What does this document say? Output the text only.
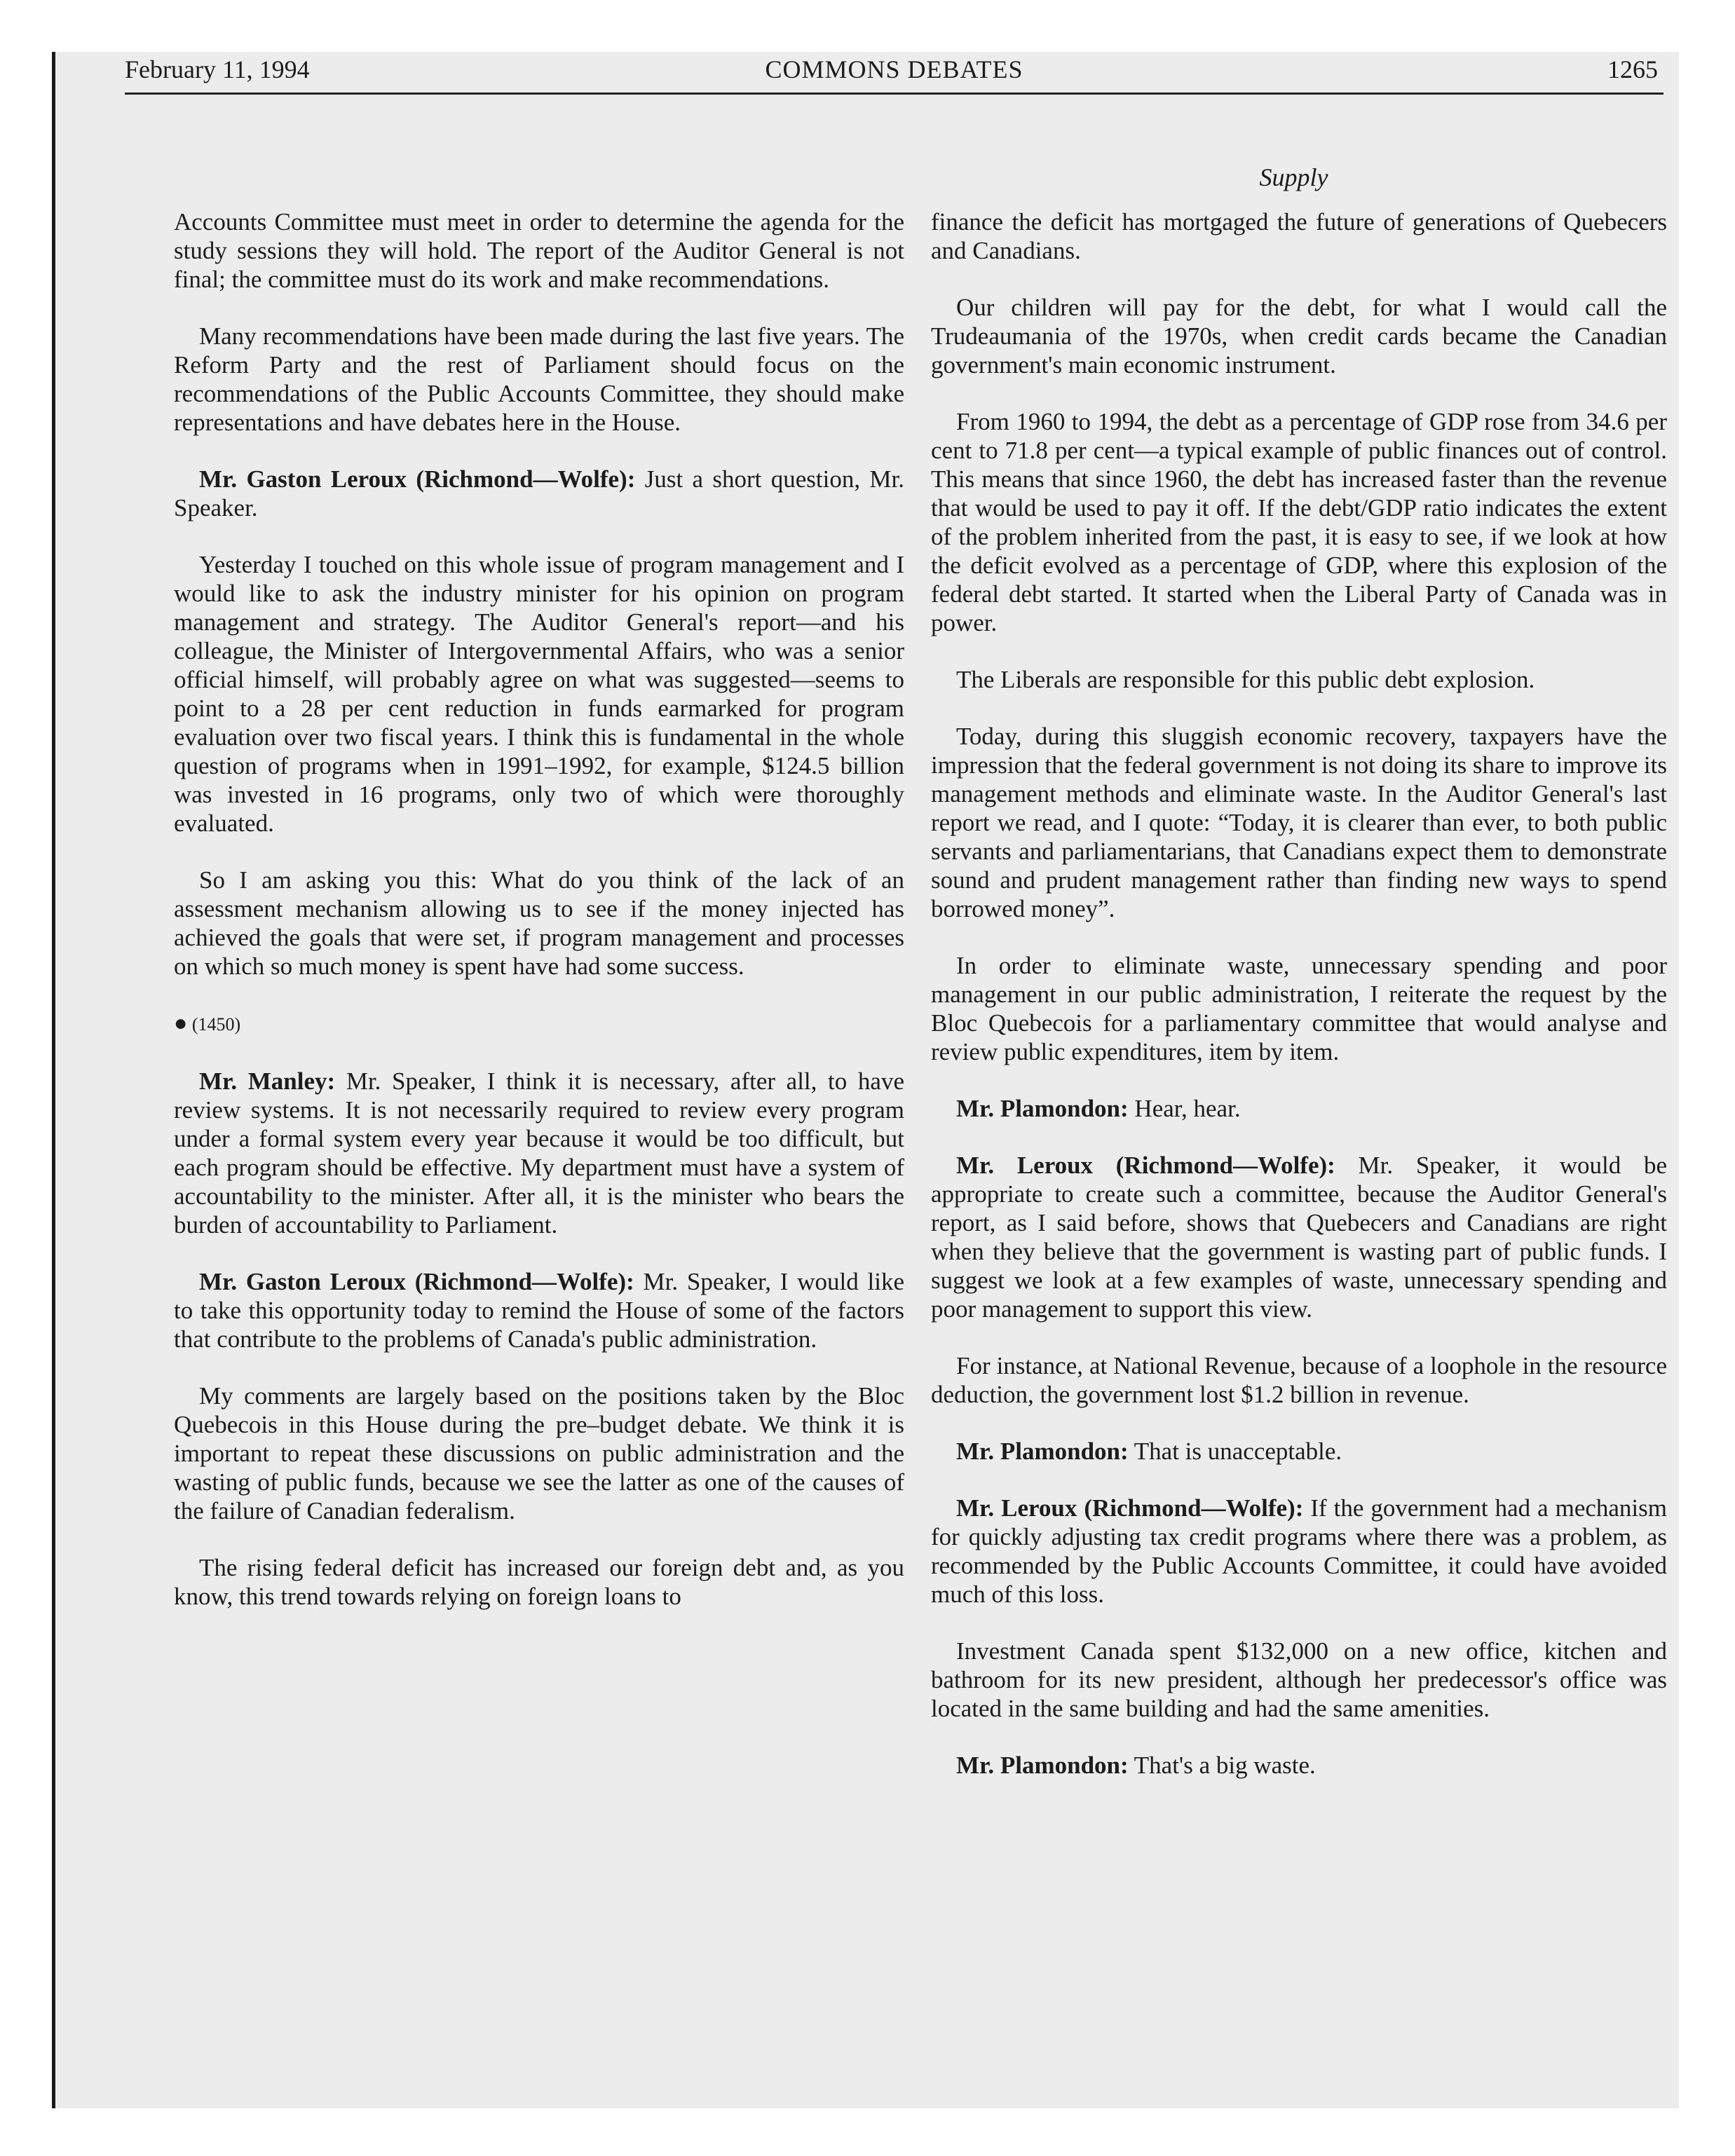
February 11, 1994	COMMONS DEBATES	1265
Supply

Accounts Committee must meet in order to determine the agenda for the study sessions they will hold. The report of the Auditor General is not final; the committee must do its work and make recommendations.

Many recommendations have been made during the last five years. The Reform Party and the rest of Parliament should focus on the recommendations of the Public Accounts Committee, they should make representations and have debates here in the House.

Mr. Gaston Leroux (Richmond—Wolfe): Just a short question, Mr. Speaker.

Yesterday I touched on this whole issue of program management and I would like to ask the industry minister for his opinion on program management and strategy. The Auditor General's report—and his colleague, the Minister of Intergovernmental Affairs, who was a senior official himself, will probably agree on what was suggested—seems to point to a 28 per cent reduction in funds earmarked for program evaluation over two fiscal years. I think this is fundamental in the whole question of programs when in 1991–1992, for example, $124.5 billion was invested in 16 programs, only two of which were thoroughly evaluated.

So I am asking you this: What do you think of the lack of an assessment mechanism allowing us to see if the money injected has achieved the goals that were set, if program management and processes on which so much money is spent have had some success.

● (1450)

Mr. Manley: Mr. Speaker, I think it is necessary, after all, to have review systems. It is not necessarily required to review every program under a formal system every year because it would be too difficult, but each program should be effective. My department must have a system of accountability to the minister. After all, it is the minister who bears the burden of accountability to Parliament.

Mr. Gaston Leroux (Richmond—Wolfe): Mr. Speaker, I would like to take this opportunity today to remind the House of some of the factors that contribute to the problems of Canada's public administration.

My comments are largely based on the positions taken by the Bloc Quebecois in this House during the pre–budget debate. We think it is important to repeat these discussions on public administration and the wasting of public funds, because we see the latter as one of the causes of the failure of Canadian federalism.

The rising federal deficit has increased our foreign debt and, as you know, this trend towards relying on foreign loans to

finance the deficit has mortgaged the future of generations of Quebecers and Canadians.

Our children will pay for the debt, for what I would call the Trudeaumania of the 1970s, when credit cards became the Canadian government's main economic instrument.

From 1960 to 1994, the debt as a percentage of GDP rose from 34.6 per cent to 71.8 per cent—a typical example of public finances out of control. This means that since 1960, the debt has increased faster than the revenue that would be used to pay it off. If the debt/GDP ratio indicates the extent of the problem inherited from the past, it is easy to see, if we look at how the deficit evolved as a percentage of GDP, where this explosion of the federal debt started. It started when the Liberal Party of Canada was in power.

The Liberals are responsible for this public debt explosion.

Today, during this sluggish economic recovery, taxpayers have the impression that the federal government is not doing its share to improve its management methods and eliminate waste. In the Auditor General's last report we read, and I quote: “Today, it is clearer than ever, to both public servants and parliamentarians, that Canadians expect them to demonstrate sound and prudent management rather than finding new ways to spend borrowed money”.

In order to eliminate waste, unnecessary spending and poor management in our public administration, I reiterate the request by the Bloc Quebecois for a parliamentary committee that would analyse and review public expenditures, item by item.

Mr. Plamondon: Hear, hear.

Mr. Leroux (Richmond—Wolfe): Mr. Speaker, it would be appropriate to create such a committee, because the Auditor General's report, as I said before, shows that Quebecers and Canadians are right when they believe that the government is wasting part of public funds. I suggest we look at a few examples of waste, unnecessary spending and poor management to support this view.

For instance, at National Revenue, because of a loophole in the resource deduction, the government lost $1.2 billion in revenue.

Mr. Plamondon: That is unacceptable.

Mr. Leroux (Richmond—Wolfe): If the government had a mechanism for quickly adjusting tax credit programs where there was a problem, as recommended by the Public Accounts Committee, it could have avoided much of this loss.

Investment Canada spent $132,000 on a new office, kitchen and bathroom for its new president, although her predecessor's office was located in the same building and had the same amenities.

Mr. Plamondon: That's a big waste.
